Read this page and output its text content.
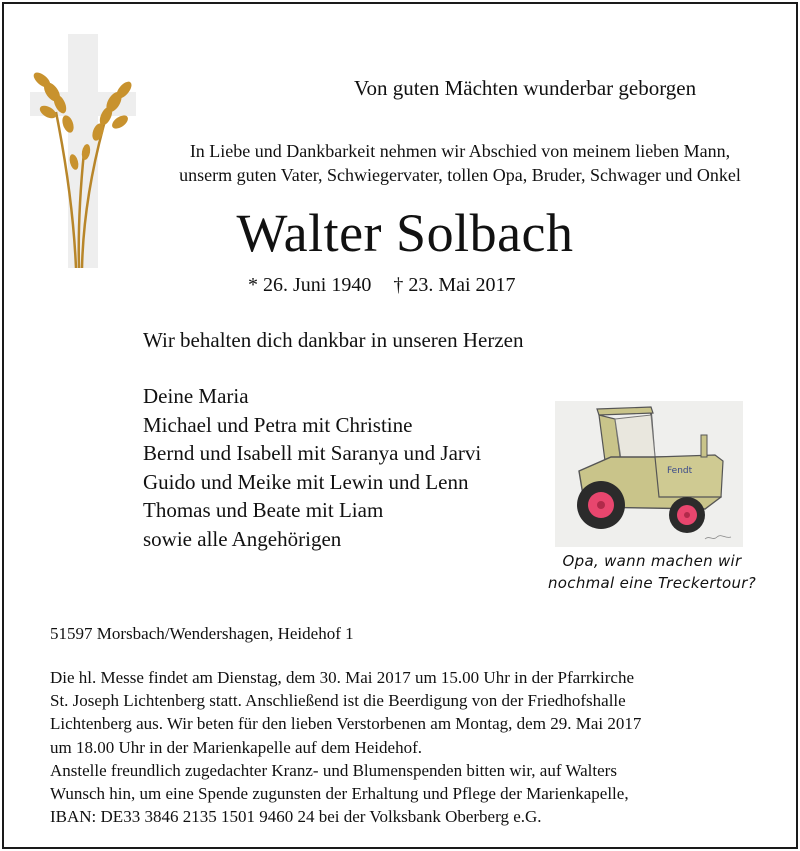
Von guten Mächten wunderbar geborgen
In Liebe und Dankbarkeit nehmen wir Abschied von meinem lieben Mann,
unserm guten Vater, Schwiegervater, tollen Opa, Bruder, Schwager und Onkel
Walter Solbach
* 26. Juni 1940 † 23. Mai 2017
Wir behalten dich dankbar in unseren Herzen
Deine Maria
Michael und Petra mit Christine
Bernd und Isabell mit Saranya und Jarvi
Guido und Meike mit Lewin und Lenn
Thomas und Beate mit Liam
sowie alle Angehörigen
Fendt
Opa, wann machen wir
nochmal eine Treckertour?
51597 Morsbach/Wendershagen, Heidehof 1
Die hl. Messe findet am Dienstag, dem 30. Mai 2017 um 15.00 Uhr in der Pfarrkirche
St. Joseph Lichtenberg statt. Anschließend ist die Beerdigung von der Friedhofshalle
Lichtenberg aus. Wir beten für den lieben Verstorbenen am Montag, dem 29. Mai 2017
um 18.00 Uhr in der Marienkapelle auf dem Heidehof.
Anstelle freundlich zugedachter Kranz- und Blumenspenden bitten wir, auf Walters
Wunsch hin, um eine Spende zugunsten der Erhaltung und Pflege der Marienkapelle,
IBAN: DE33 3846 2135 1501 9460 24 bei der Volksbank Oberberg e.G.
